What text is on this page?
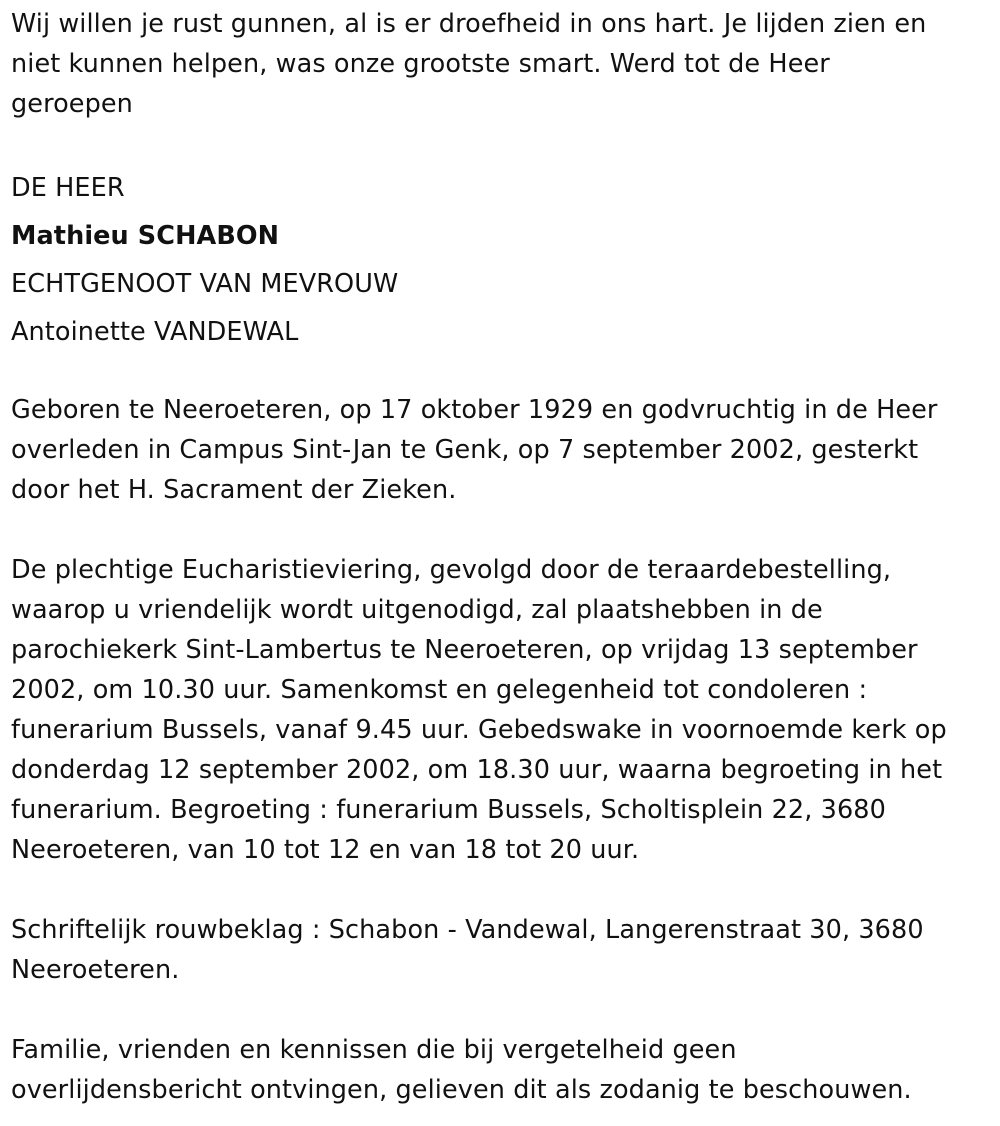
Wij willen je rust gunnen, al is er droefheid in ons hart. Je lijden zien en
niet kunnen helpen, was onze grootste smart. Werd tot de Heer
geroepen
DE HEER
Mathieu SCHABON
ECHTGENOOT VAN MEVROUW
Antoinette VANDEWAL
Geboren te Neeroeteren, op 17 oktober 1929 en godvruchtig in de Heer
overleden in Campus Sint-Jan te Genk, op 7 september 2002, gesterkt
door het H. Sacrament der Zieken.
De plechtige Eucharistieviering, gevolgd door de teraardebestelling,
waarop u vriendelijk wordt uitgenodigd, zal plaatshebben in de
parochiekerk Sint-Lambertus te Neeroeteren, op vrijdag 13 september
2002, om 10.30 uur. Samenkomst en gelegenheid tot condoleren :
funerarium Bussels, vanaf 9.45 uur. Gebedswake in voornoemde kerk op
donderdag 12 september 2002, om 18.30 uur, waarna begroeting in het
funerarium. Begroeting : funerarium Bussels, Scholtisplein 22, 3680
Neeroeteren, van 10 tot 12 en van 18 tot 20 uur.
Schriftelijk rouwbeklag : Schabon - Vandewal, Langerenstraat 30, 3680
Neeroeteren.
Familie, vrienden en kennissen die bij vergetelheid geen
overlijdensbericht ontvingen, gelieven dit als zodanig te beschouwen.
